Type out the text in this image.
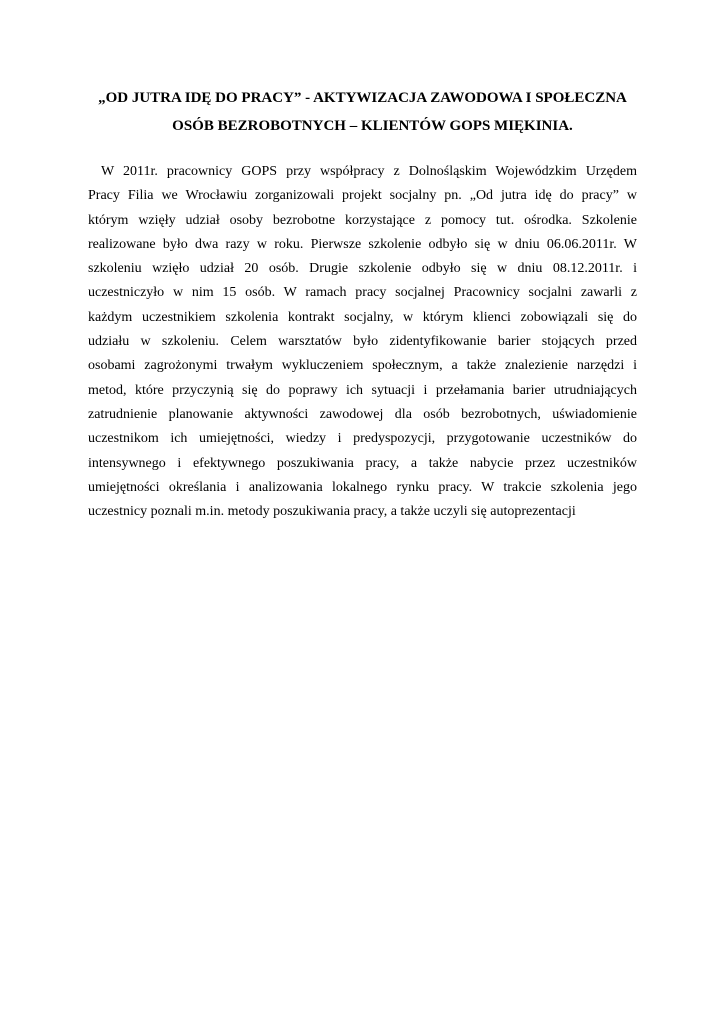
„OD JUTRA IDĘ DO PRACY” - AKTYWIZACJA ZAWODOWA I SPOŁECZNA
OSÓB BEZROBOTNYCH – KLIENTÓW GOPS MIĘKINIA.
W 2011r. pracownicy GOPS przy współpracy z Dolnośląskim Wojewódzkim Urzędem
Pracy Filia we Wrocławiu zorganizowali projekt socjalny pn. „Od jutra idę do pracy” w
którym wzięły udział osoby bezrobotne korzystające z pomocy tut. ośrodka. Szkolenie
realizowane było dwa razy w roku. Pierwsze szkolenie odbyło się w dniu 06.06.2011r. W
szkoleniu wzięło udział 20 osób. Drugie szkolenie odbyło się w dniu 08.12.2011r. i
uczestniczyło w nim 15 osób. W ramach pracy socjalnej Pracownicy socjalni zawarli z
każdym uczestnikiem szkolenia kontrakt socjalny, w którym klienci zobowiązali się do
udziału w szkoleniu. Celem warsztatów było zidentyfikowanie barier stojących przed
osobami zagrożonymi trwałym wykluczeniem społecznym, a także znalezienie narzędzi i
metod, które przyczynią się do poprawy ich sytuacji i przełamania barier utrudniających
zatrudnienie planowanie aktywności zawodowej dla osób bezrobotnych, uświadomienie
uczestnikom ich umiejętności, wiedzy i predyspozycji, przygotowanie uczestników do
intensywnego i efektywnego poszukiwania pracy, a także nabycie przez uczestników
umiejętności określania i analizowania lokalnego rynku pracy. W trakcie szkolenia jego
uczestnicy poznali m.in. metody poszukiwania pracy, a także uczyli się autoprezentacji
